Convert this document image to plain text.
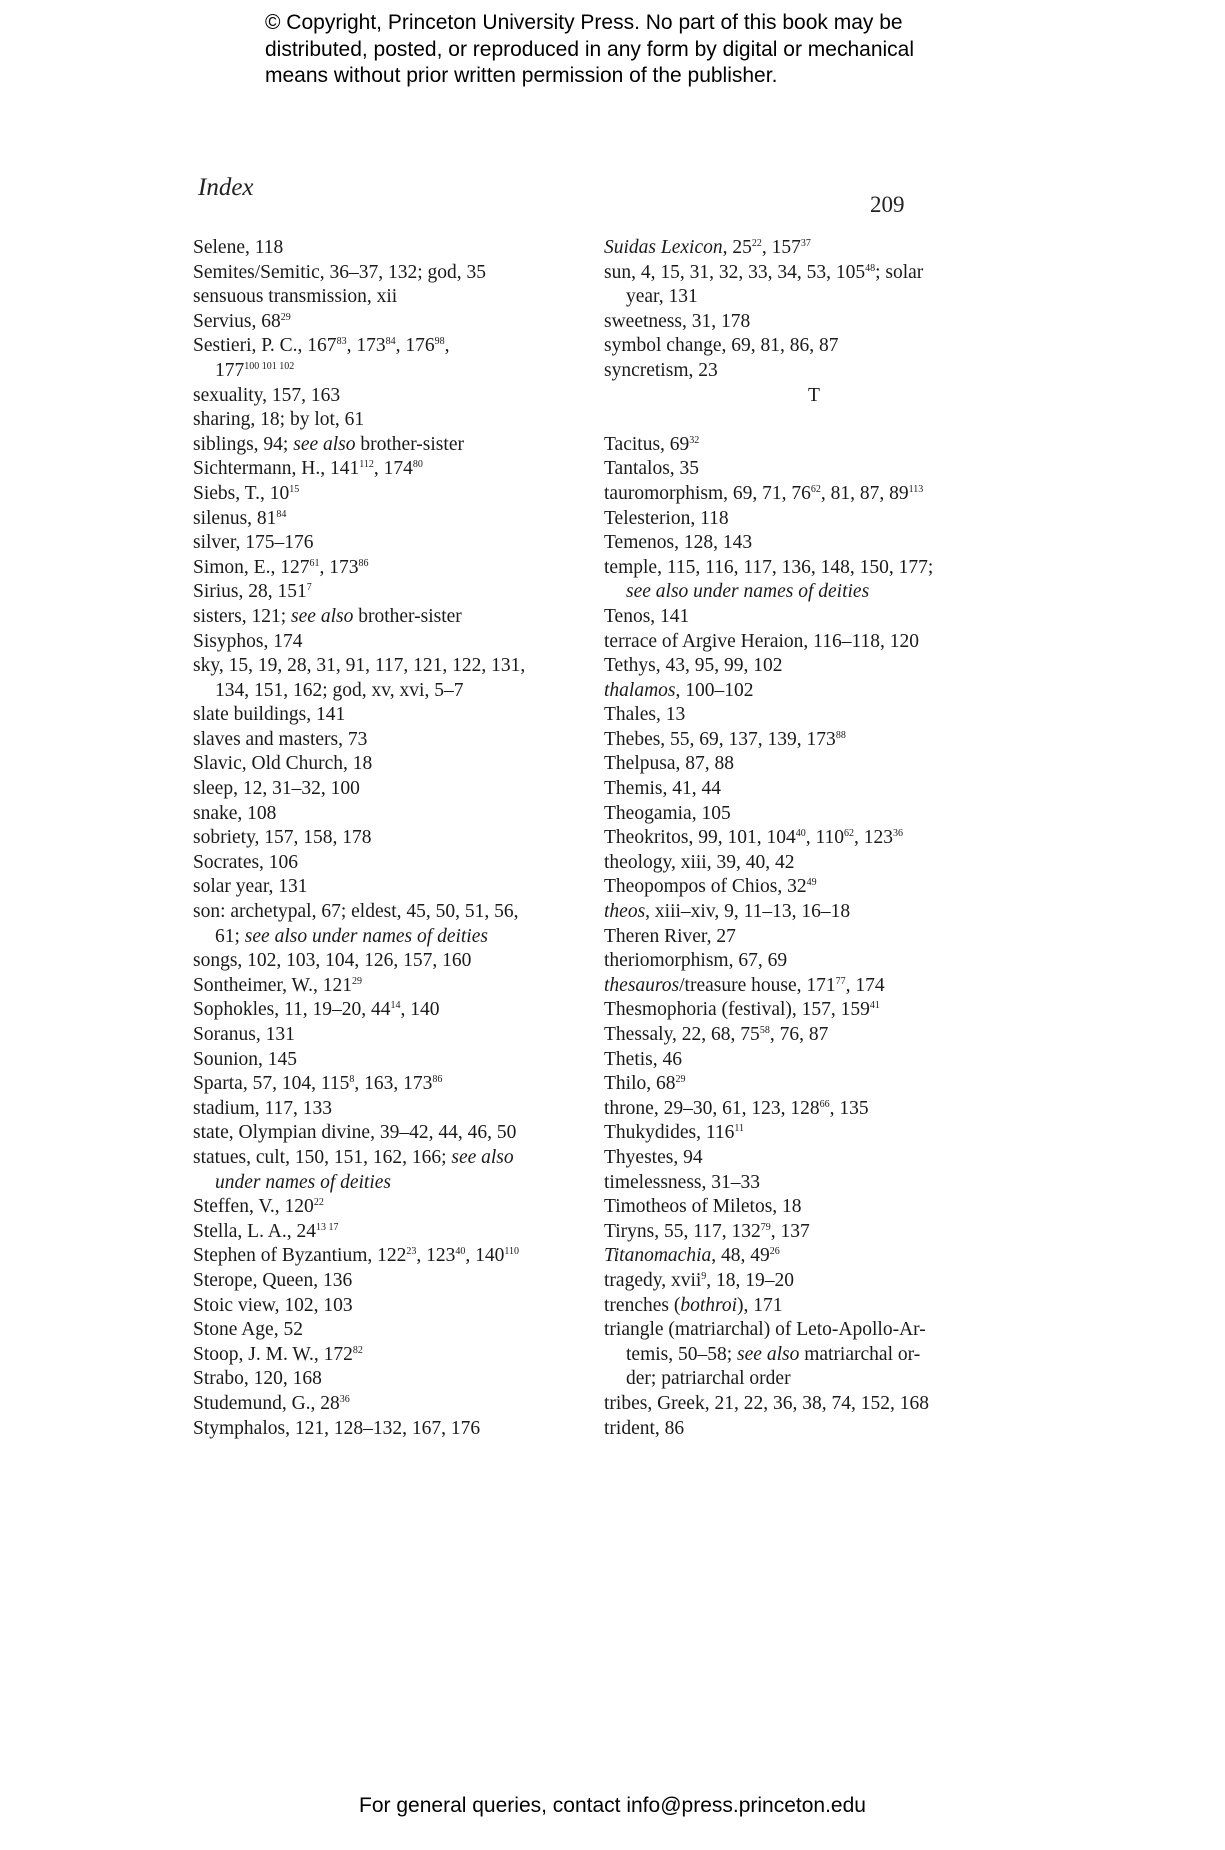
© Copyright, Princeton University Press. No part of this book may be
distributed, posted, or reproduced in any form by digital or mechanical
means without prior written permission of the publisher.
Index
209
Selene, 118
Semites/Semitic, 36–37, 132; god, 35
sensuous transmission, xii
Servius, $68^{29}$
Sestieri, P. C., $167^{83}$, $173^{84}$, $176^{98}$,
$177^{100 101 102}$
sexuality, 157, 163
sharing, 18; by lot, 61
siblings, 94; see also brother-sister
Sichtermann, H., $141^{112}$, $174^{80}$
Siebs, T., $10^{15}$
silenus, $81^{84}$
silver, 175–176
Simon, E., $127^{61}$, $173^{86}$
Sirius, 28, $151^7$
sisters, 121; see also brother-sister
Sisyphos, 174
sky, 15, 19, 28, 31, 91, 117, 121, 122, 131,
134, 151, 162; god, xv, xvi, 5–7
slate buildings, 141
slaves and masters, 73
Slavic, Old Church, 18
sleep, 12, 31–32, 100
snake, 108
sobriety, 157, 158, 178
Socrates, 106
solar year, 131
son: archetypal, 67; eldest, 45, 50, 51, 56,
61; see also under names of deities
songs, 102, 103, 104, 126, 157, 160
Sontheimer, W., $121^{29}$
Sophokles, 11, 19–20, $44^{14}$, 140
Soranus, 131
Sounion, 145
Sparta, 57, 104, $115^8$, 163, $173^{86}$
stadium, 117, 133
state, Olympian divine, 39–42, 44, 46, 50
statues, cult, 150, 151, 162, 166; see also
under names of deities
Steffen, V., $120^{22}$
Stella, L. A., $24^{13 17}$
Stephen of Byzantium, $122^{23}$, $123^{40}$, $140^{110}$
Sterope, Queen, 136
Stoic view, 102, 103
Stone Age, 52
Stoop, J. M. W., $172^{82}$
Strabo, 120, 168
Studemund, G., $28^{36}$
Stymphalos, 121, 128–132, 167, 176
Suidas Lexicon, $25^{22}$, $157^{37}$
sun, 4, 15, 31, 32, 33, 34, 53, $105^{48}$; solar
year, 131
sweetness, 31, 178
symbol change, 69, 81, 86, 87
syncretism, 23
T
Tacitus, $69^{32}$
Tantalos, 35
tauromorphism, 69, 71, $76^{62}$, 81, 87, $89^{113}$
Telesterion, 118
Temenos, 128, 143
temple, 115, 116, 117, 136, 148, 150, 177;
see also under names of deities
Tenos, 141
terrace of Argive Heraion, 116–118, 120
Tethys, 43, 95, 99, 102
thalamos, 100–102
Thales, 13
Thebes, 55, 69, 137, 139, $173^{88}$
Thelpusa, 87, 88
Themis, 41, 44
Theogamia, 105
Theokritos, 99, 101, $104^{40}$, $110^{62}$, $123^{36}$
theology, xiii, 39, 40, 42
Theopompos of Chios, $32^{49}$
theos, xiii–xiv, 9, 11–13, 16–18
Theren River, 27
theriomorphism, 67, 69
thesauros/treasure house, $171^{77}$, 174
Thesmophoria (festival), 157, $159^{41}$
Thessaly, 22, 68, $75^{58}$, 76, 87
Thetis, 46
Thilo, $68^{29}$
throne, 29–30, 61, 123, $128^{66}$, 135
Thukydides, $116^{11}$
Thyestes, 94
timelessness, 31–33
Timotheos of Miletos, 18
Tiryns, 55, 117, $132^{79}$, 137
Titanomachia, 48, $49^{26}$
tragedy, xvii$^9$, 18, 19–20
trenches (bothroi), 171
triangle (matriarchal) of Leto-Apollo-Ar-
temis, 50–58; see also matriarchal or-
der; patriarchal order
tribes, Greek, 21, 22, 36, 38, 74, 152, 168
trident, 86
For general queries, contact info@press.princeton.edu
